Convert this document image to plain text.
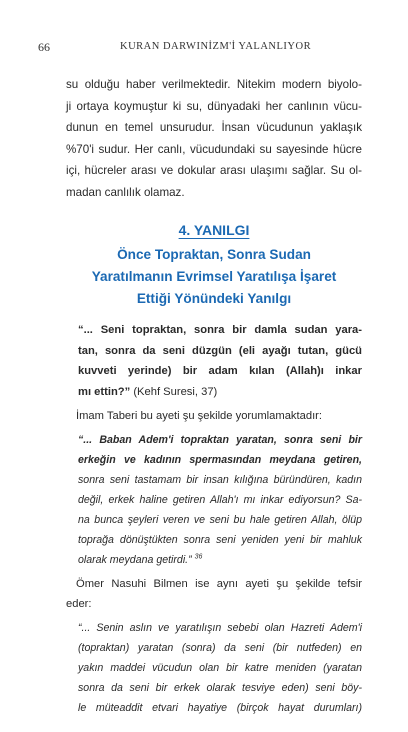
66	KURAN DARWINİZM'İ YALANLIYOR
su olduğu haber verilmektedir. Nitekim modern biyolo-
ji ortaya koymuştur ki su, dünyadaki her canlının vücu-
dunun en temel unsurudur. İnsan vücudunun yaklaşık
%70'i sudur. Her canlı, vücudundaki su sayesinde hücre
içi, hücreler arası ve dokular arası ulaşımı sağlar. Su ol-
madan canlılık olamaz.
4. YANILGI
Önce Topraktan, Sonra Sudan
Yaratılmanın Evrimsel Yaratılışa İşaret
Ettiği Yönündeki Yanılgı
“... Seni topraktan, sonra bir damla sudan yara-
tan, sonra da seni düzgün (eli ayağı tutan, gücü
kuvveti yerinde) bir adam kılan (Allah)ı inkar
mı ettin?” (Kehf Suresi, 37)
İmam Taberi bu ayeti şu şekilde yorumlamaktadır:
“... Baban Adem'i topraktan yaratan, sonra seni bir
erkeğin ve kadının spermasından meydana getiren,
sonra seni tastamam bir insan kılığına büründüren, kadın
değil, erkek haline getiren Allah'ı mı inkar ediyorsun? Sa-
na bunca şeyleri veren ve seni bu hale getiren Allah, ölüp
toprağa dönüştükten sonra seni yeniden yeni bir mahluk
olarak meydana getirdi.” $^{36}$
Ömer Nasuhi Bilmen ise aynı ayeti şu şekilde tefsir
eder:
“... Senin aslın ve yaratılışın sebebi olan Hazreti Adem'i
(topraktan) yaratan (sonra) da seni (bir nutfeden) en
yakın maddei vücudun olan bir katre meniden (yaratan
sonra da seni bir erkek olarak tesviye eden) seni böy-
le müteaddit etvari hayatiye (birçok hayat durumları)
